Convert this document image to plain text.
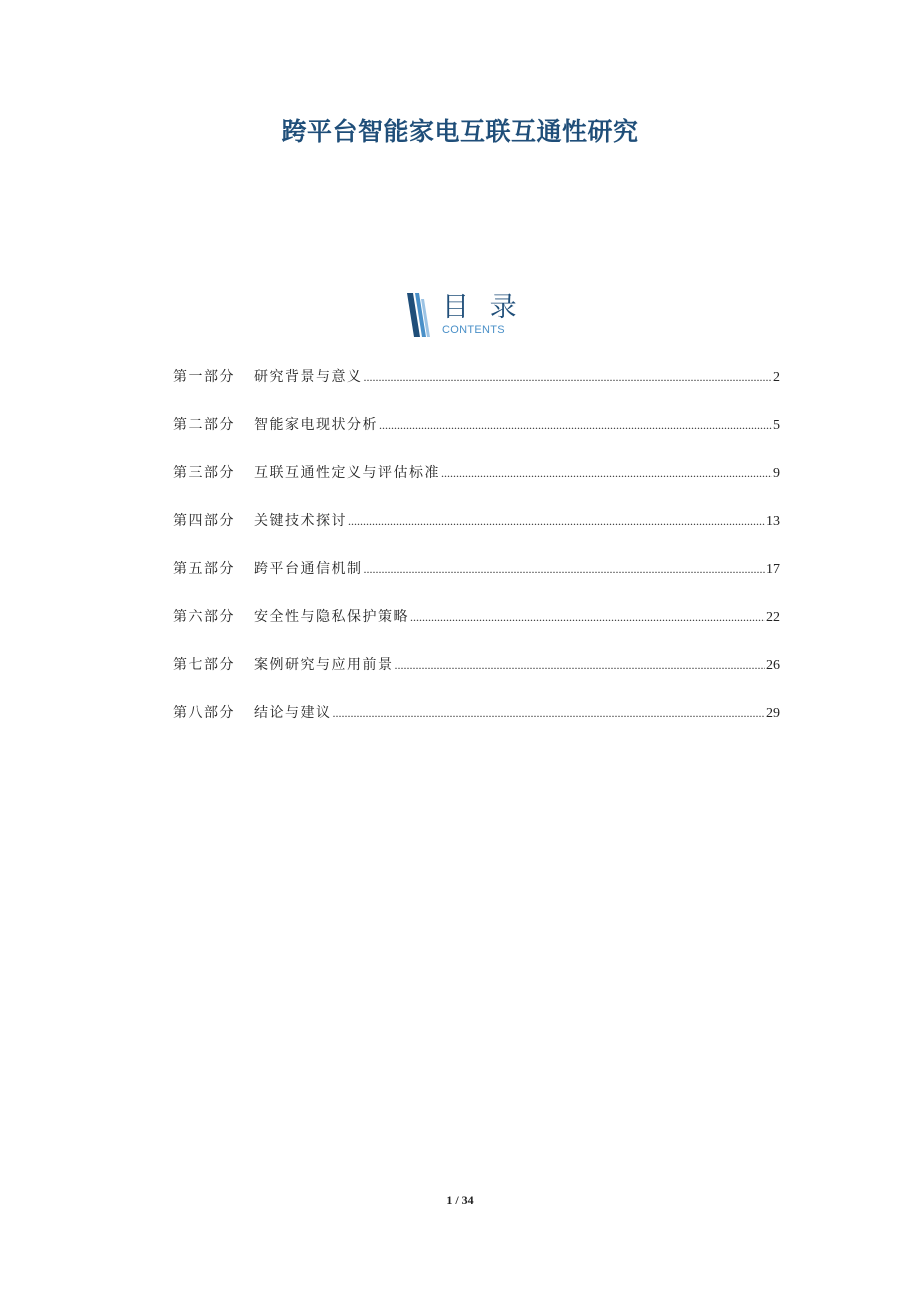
跨平台智能家电互联互通性研究
目 录
CONTENTS
第一部分	研究背景与意义 .....	2
第二部分	智能家电现状分析 .....	5
第三部分	互联互通性定义与评估标准 .....	9
第四部分	关键技术探讨 .....	13
第五部分	跨平台通信机制 .....	17
第六部分	安全性与隐私保护策略 .....	22
第七部分	案例研究与应用前景 .....	26
第八部分	结论与建议 .....	29
1 / 34
